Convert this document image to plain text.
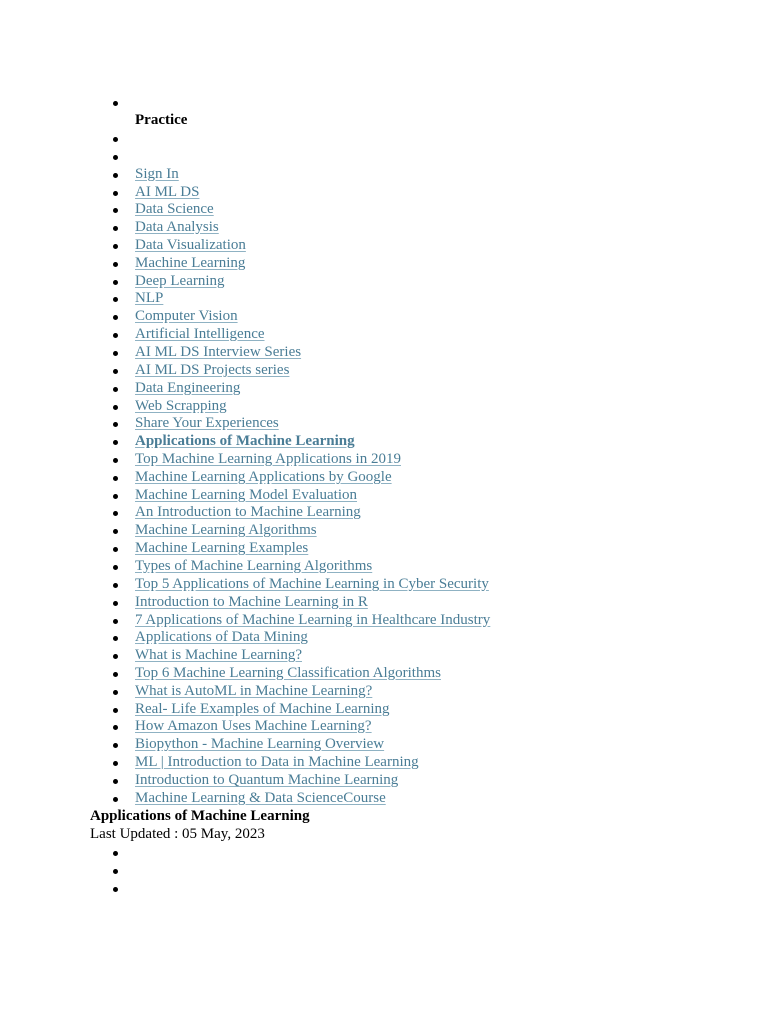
Practice
Sign In
AI ML DS
Data Science
Data Analysis
Data Visualization
Machine Learning
Deep Learning
NLP
Computer Vision
Artificial Intelligence
AI ML DS Interview Series
AI ML DS Projects series
Data Engineering
Web Scrapping
Share Your Experiences
Applications of Machine Learning
Top Machine Learning Applications in 2019
Machine Learning Applications by Google
Machine Learning Model Evaluation
An Introduction to Machine Learning
Machine Learning Algorithms
Machine Learning Examples
Types of Machine Learning Algorithms
Top 5 Applications of Machine Learning in Cyber Security
Introduction to Machine Learning in R
7 Applications of Machine Learning in Healthcare Industry
Applications of Data Mining
What is Machine Learning?
Top 6 Machine Learning Classification Algorithms
What is AutoML in Machine Learning?
Real- Life Examples of Machine Learning
How Amazon Uses Machine Learning?
Biopython - Machine Learning Overview
ML | Introduction to Data in Machine Learning
Introduction to Quantum Machine Learning
Machine Learning & Data ScienceCourse
Applications of Machine Learning
Last Updated : 05 May, 2023
